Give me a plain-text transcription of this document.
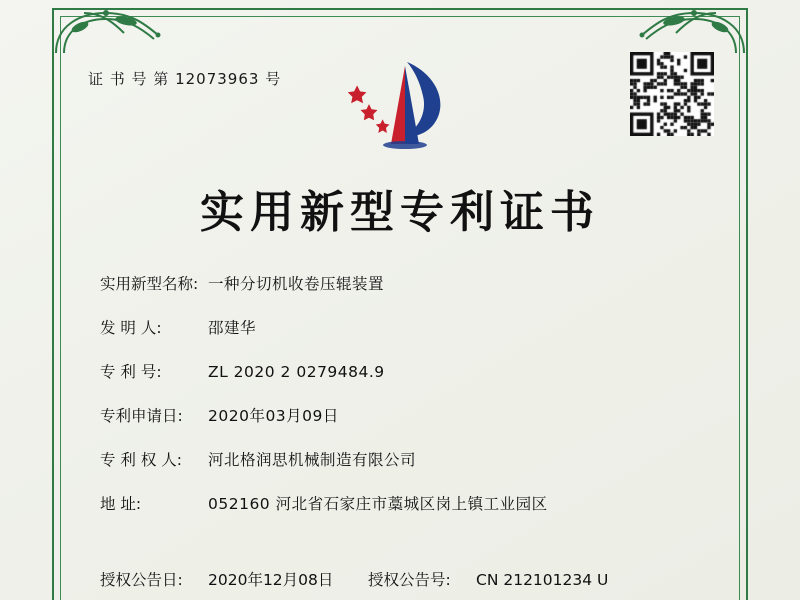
证 书 号 第 12073963 号
实用新型专利证书
实用新型名称: 一种分切机收卷压辊装置
发 明 人:	邵建华
专 利 号:	ZL 2020 2 0279484.9
专利申请日:	2020年03月09日
专 利 权 人:	河北格润思机械制造有限公司
地 址:	052160 河北省石家庄市藁城区岗上镇工业园区
授权公告日:	2020年12月08日	授权公告号:	CN 212101234 U
